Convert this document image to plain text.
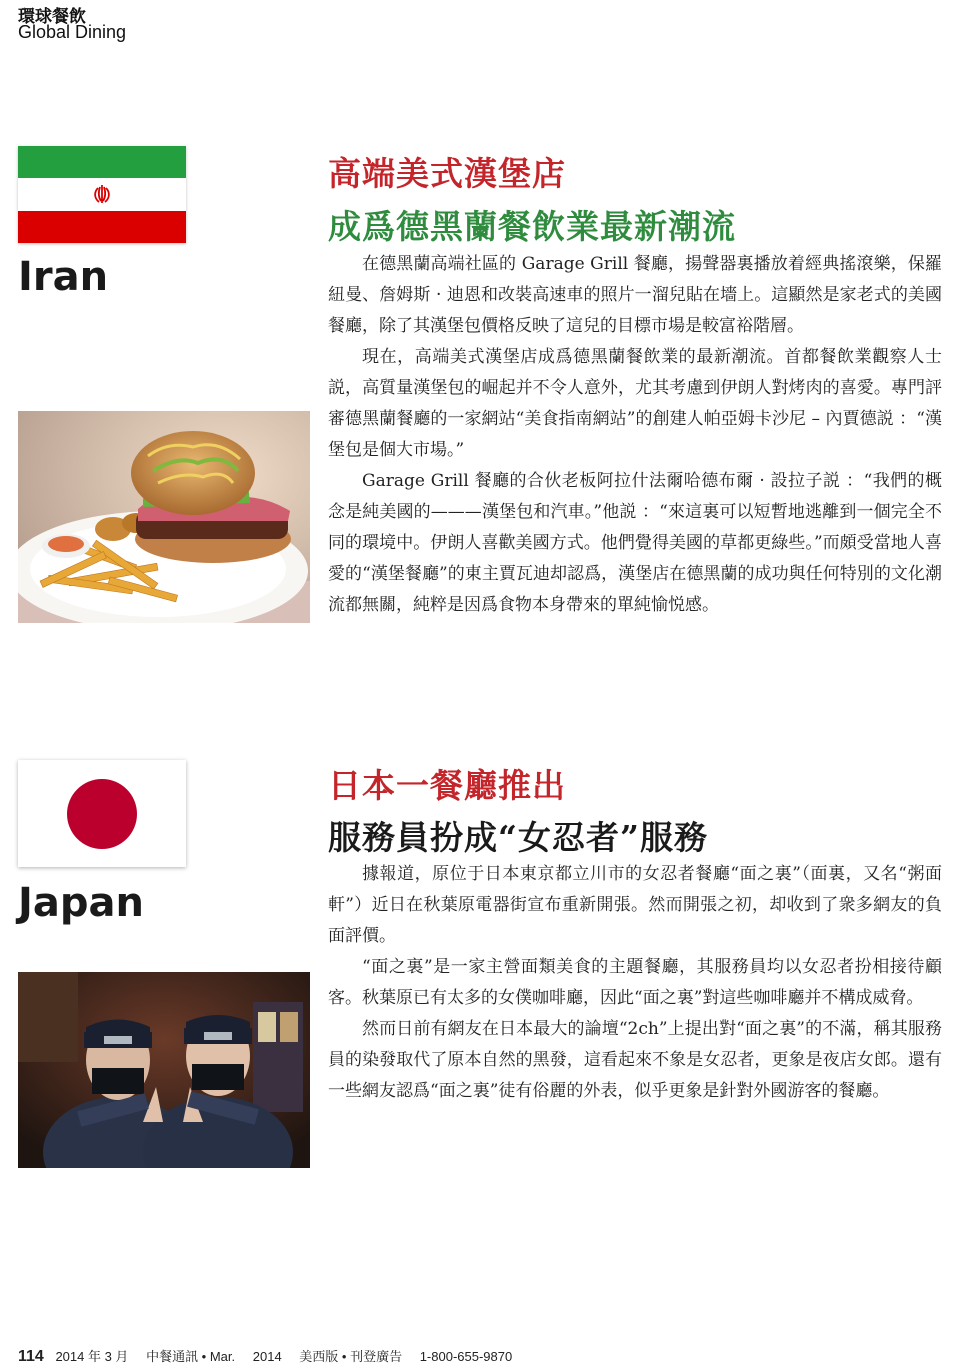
環球餐飲
Global Dining
Iran
高端美式漢堡店
成爲德黑蘭餐飲業最新潮流

在德黑蘭高端社區的 Garage Grill 餐廳，揚聲器裏播放着經典搖滾樂，保羅紐曼、詹姆斯 · 迪恩和改裝高速車的照片一溜兒貼在墻上。這顯然是家老式的美國餐廳，除了其漢堡包價格反映了這兒的目標市場是較富裕階層。

現在，高端美式漢堡店成爲德黑蘭餐飲業的最新潮流。首都餐飲業觀察人士説，高質量漢堡包的崛起并不令人意外，尤其考慮到伊朗人對烤肉的喜愛。專門評審德黑蘭餐廳的一家網站“美食指南網站”的創建人帕亞姆卡沙尼 – 內賈德説 ：“漢堡包是個大市場。”

Garage Grill 餐廳的合伙老板阿拉什法爾哈德布爾 · 設拉子説 ：“我們的概念是純美國的———漢堡包和汽車。”他説 ：“來這裏可以短暫地逃離到一個完全不同的環境中。伊朗人喜歡美國方式。他們覺得美國的草都更綠些。”而頗受當地人喜愛的“漢堡餐廳”的東主賈瓦迪却認爲，漢堡店在德黑蘭的成功與任何特別的文化潮流都無關，純粹是因爲食物本身帶來的單純愉悦感。

Japan
日本一餐廳推出
服務員扮成“女忍者”服務

據報道，原位于日本東京都立川市的女忍者餐廳“面之裏”（面裏，又名“粥面軒”）近日在秋葉原電器街宣布重新開張。然而開張之初，却收到了衆多網友的負面評價。

“面之裏”是一家主營面類美食的主題餐廳，其服務員均以女忍者扮相接待顧客。秋葉原已有太多的女僕咖啡廳，因此“面之裏”對這些咖啡廳并不構成威脅。

然而日前有網友在日本最大的論壇“2ch”上提出對“面之裏”的不滿，稱其服務員的染發取代了原本自然的黑發，這看起來不象是女忍者，更象是夜店女郎。還有一些網友認爲“面之裏”徒有俗麗的外表，似乎更象是針對外國游客的餐廳。

114 2014 年 3 月 中餐通訊 • Mar. 2014 美西版 • 刊登廣告 1-800-655-9870
